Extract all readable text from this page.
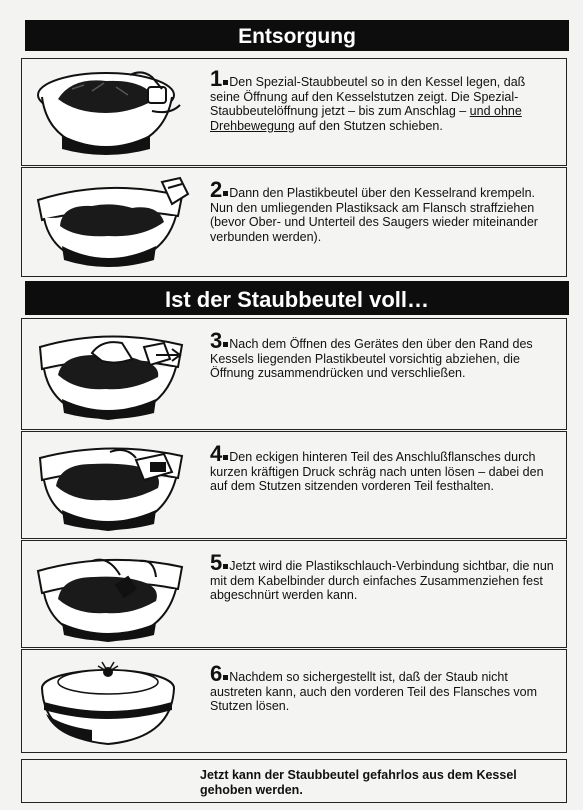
Entsorgung
1 Den Spezial-Staubbeutel so in den Kessel legen, daß seine Öffnung auf den Kesselstutzen zeigt. Die Spezial-Staubbeutelöffnung jetzt – bis zum Anschlag – und ohne Drehbewegung auf den Stutzen schieben.
2 Dann den Plastikbeutel über den Kesselrand krempeln. Nun den umliegenden Plastiksack am Flansch straffziehen (bevor Ober- und Unterteil des Saugers wieder miteinander verbunden werden).
Ist der Staubbeutel voll…
3 Nach dem Öffnen des Gerätes den über den Rand des Kessels liegenden Plastikbeutel vorsichtig abziehen, die Öffnung zusammendrücken und verschließen.
4 Den eckigen hinteren Teil des Anschlußflansches durch kurzen kräftigen Druck schräg nach unten lösen – dabei den auf dem Stutzen sitzenden vorderen Teil festhalten.
5 Jetzt wird die Plastikschlauch-Verbindung sichtbar, die nun mit dem Kabelbinder durch einfaches Zusammenziehen fest abgeschnürt werden kann.
6 Nachdem so sichergestellt ist, daß der Staub nicht austreten kann, auch den vorderen Teil des Flansches vom Stutzen lösen.
Jetzt kann der Staubbeutel gefahrlos aus dem Kessel gehoben werden.
